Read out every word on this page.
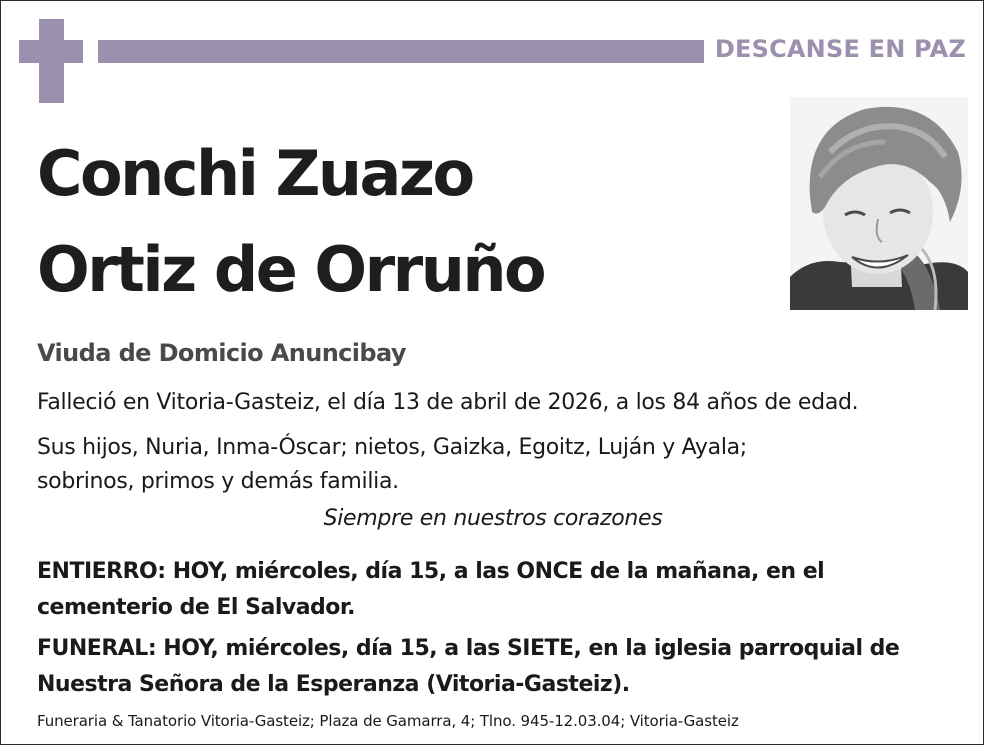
DESCANSE EN PAZ
Conchi Zuazo
Ortiz de Orruño
Viuda de Domicio Anuncibay
Falleció en Vitoria-Gasteiz, el día 13 de abril de 2026, a los 84 años de edad.
Sus hijos, Nuria, Inma-Óscar; nietos, Gaizka, Egoitz, Luján y Ayala;
sobrinos, primos y demás familia.
Siempre en nuestros corazones
ENTIERRO: HOY, miércoles, día 15, a las ONCE de la mañana, en el
cementerio de El Salvador.
FUNERAL: HOY, miércoles, día 15, a las SIETE, en la iglesia parroquial de
Nuestra Señora de la Esperanza (Vitoria-Gasteiz).
Funeraria & Tanatorio Vitoria-Gasteiz; Plaza de Gamarra, 4; Tlno. 945-12.03.04; Vitoria-Gasteiz
